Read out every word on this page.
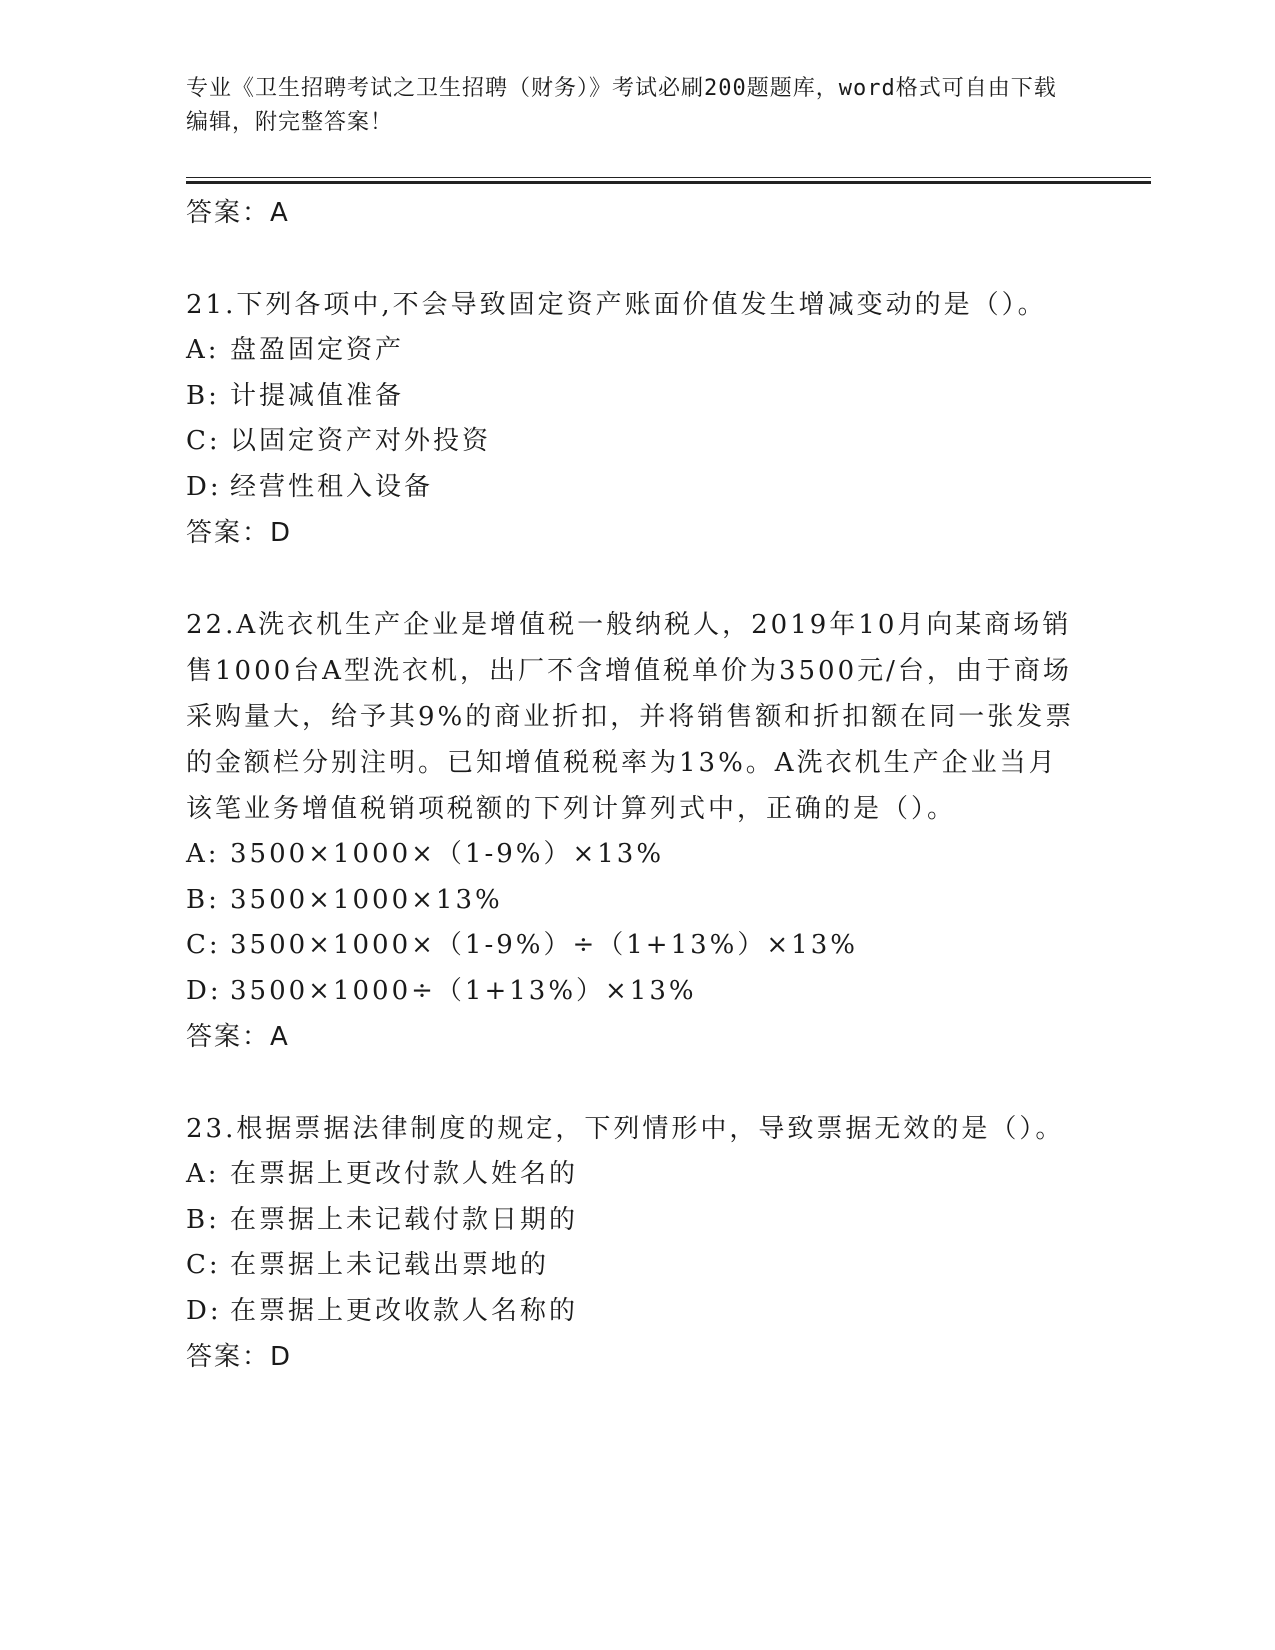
专业《卫生招聘考试之卫生招聘（财务）》考试必刷200题题库，word格式可自由下载编辑，附完整答案！
答案：A

21.下列各项中,不会导致固定资产账面价值发生增减变动的是（）。

A: 盘盈固定资产
B: 计提减值准备
C: 以固定资产对外投资
D: 经营性租入设备
答案：D

22.A洗衣机生产企业是增值税一般纳税人，2019年10月向某商场销售1000台A型洗衣机，出厂不含增值税单价为3500元/台，由于商场采购量大，给予其9%的商业折扣，并将销售额和折扣额在同一张发票的金额栏分别注明。已知增值税税率为13%。A洗衣机生产企业当月该笔业务增值税销项税额的下列计算列式中，正确的是（）。

A: 3500×1000×（1-9%）×13%
B: 3500×1000×13%
C: 3500×1000×（1-9%）÷（1+13%）×13%
D: 3500×1000÷（1+13%）×13%
答案：A

23.根据票据法律制度的规定，下列情形中，导致票据无效的是（）。

A: 在票据上更改付款人姓名的
B: 在票据上未记载付款日期的
C: 在票据上未记载出票地的
D: 在票据上更改收款人名称的
答案：D
